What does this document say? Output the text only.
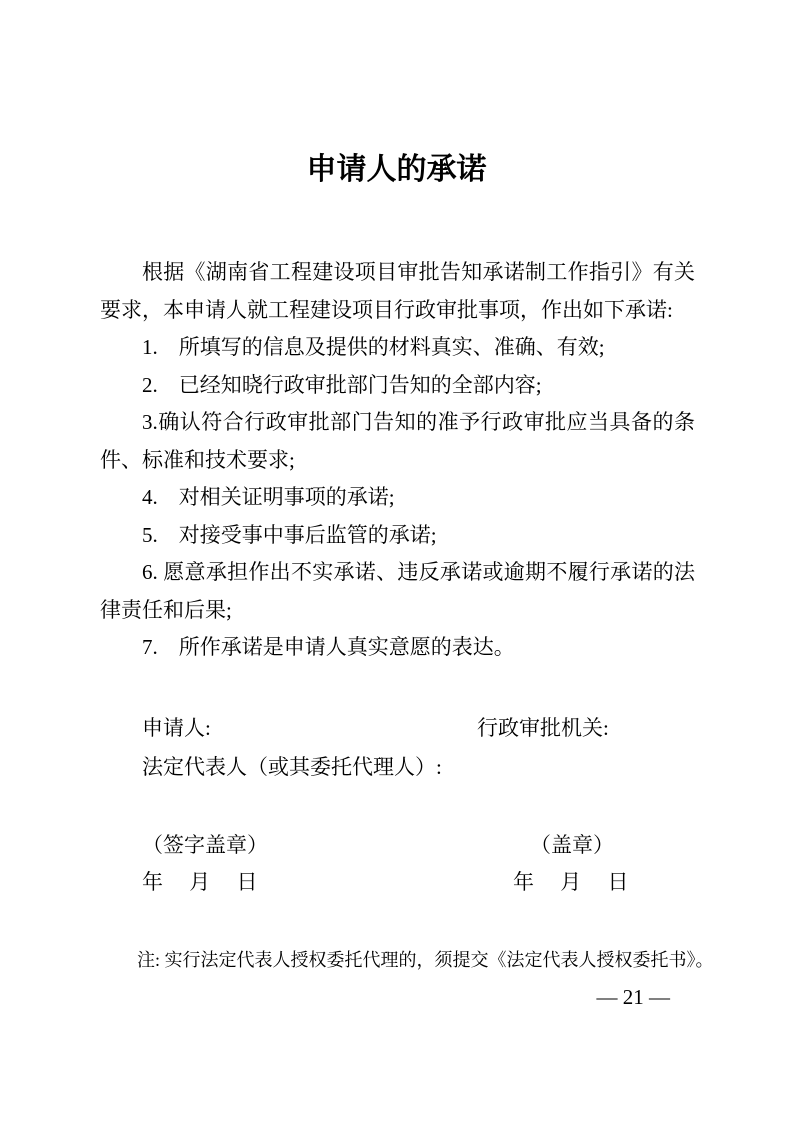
申请人的承诺

根据《湖南省工程建设项目审批告知承诺制工作指引》有关要求，本申请人就工程建设项目行政审批事项，作出如下承诺:

1.　所填写的信息及提供的材料真实、准确、有效;

2.　已经知晓行政审批部门告知的全部内容;

3.确认符合行政审批部门告知的准予行政审批应当具备的条件、标准和技术要求;

4.　对相关证明事项的承诺;

5.　对接受事中事后监管的承诺;

6. 愿意承担作出不实承诺、违反承诺或逾期不履行承诺的法律责任和后果;

7.　所作承诺是申请人真实意愿的表达。

申请人:	行政审批机关:
法定代表人（或其委托代理人）:
（签字盖章）	（盖章）
年　 月　 日	年　 月　 日
注: 实行法定代表人授权委托代理的，须提交《法定代表人授权委托书》。
— 21 —
